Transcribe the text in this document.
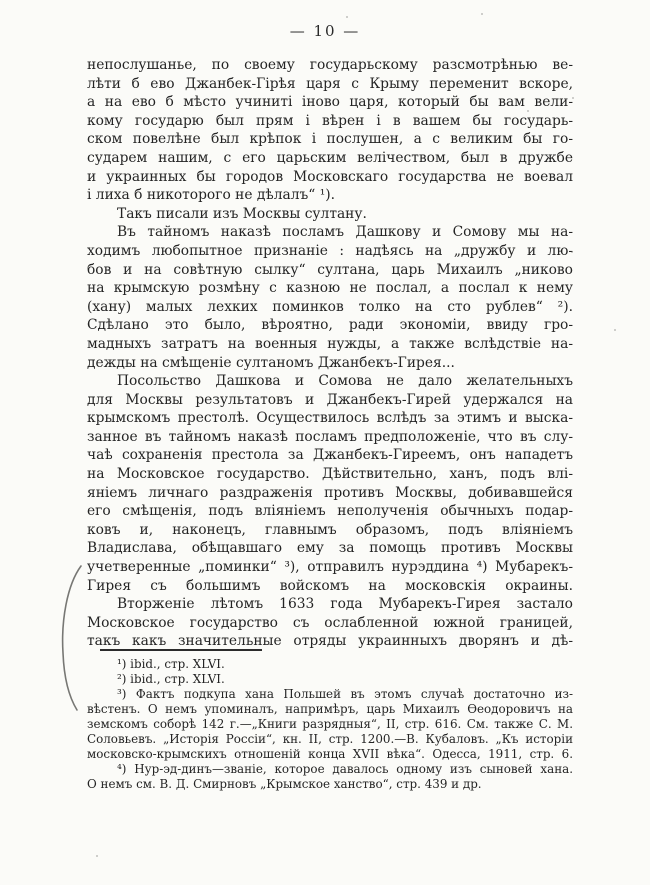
— 10 —
непослушанье, по своему государьскому разсмотрѣнью ве-
лѣти б ево Джанбек-Гірѣя царя с Крыму переменит вскоре,
а на ево б мѣсто учиниті іново царя, который бы вам вели-
кому государю был прям і вѣрен і в вашем бы государь-
ском повелѣне был крѣпок і послушен, а с великим бы го-
сударем нашим, с его царьским велічеством, был в дружбе
и украинных бы городов Московскаго государства не воевал
і лиха б никоторого не дѣлалъ“ ¹).
Такъ писали изъ Москвы султану.
Въ тайномъ наказѣ посламъ Дашкову и Сомову мы на-
ходимъ любопытное признаніе : надѣясь на „дружбу и лю-
бов и на совѣтную сылку“ султана, царь Михаилъ „никово
на крымскую розмѣну с казною не послал, а послал к нему
(хану) малых лехких поминков толко на сто рублев“ ²).
Сдѣлано это было, вѣроятно, ради экономіи, ввиду гро-
мадныхъ затратъ на военныя нужды, а также вслѣдствіе на-
дежды на смѣщеніе султаномъ Джанбекъ-Гирея...
Посольство Дашкова и Сомова не дало желательныхъ
для Москвы результатовъ и Джанбекъ-Гирей удержался на
крымскомъ престолѣ. Осуществилось вслѣдъ за этимъ и выска-
занное въ тайномъ наказѣ посламъ предположеніе, что въ слу-
чаѣ сохраненія престола за Джанбекъ-Гиреемъ, онъ нападетъ
на Московское государство. Дѣйствительно, ханъ, подъ влі-
яніемъ личнаго раздраженія противъ Москвы, добивавшейся
его смѣщенія, подъ вліяніемъ неполученія обычныхъ подар-
ковъ и, наконецъ, главнымъ образомъ, подъ вліяніемъ
Владислава, обѣщавшаго ему за помощь противъ Москвы
учетверенные „поминки“ ³), отправилъ нурэддина ⁴) Мубарекъ-
Гирея съ большимъ войскомъ на московскія окраины.
Вторженіе лѣтомъ 1633 года Мубарекъ-Гирея застало
Московское государство съ ослабленной южной границей,
такъ какъ значительные отряды украинныхъ дворянъ и дѣ-
¹) ibid., стр. XLVI.
²) ibid., стр. XLVI.
³) Фактъ подкупа хана Польшей въ этомъ случаѣ достаточно из-
вѣстенъ. О немъ упоминалъ, напримѣръ, царь Михаилъ Ѳеодоровичъ на
земскомъ соборѣ 142 г.—„Книги разрядныя“, II, стр. 616. См. также С. М.
Соловьевъ. „Исторія Россіи“, кн. II, стр. 1200.—В. Кубаловъ. „Къ исторіи
московско-крымскихъ отношеній конца XVII вѣка“. Одесса, 1911, стр. 6.
⁴) Нур-эд-динъ—званіе, которое давалось одному изъ сыновей хана.
О немъ см. В. Д. Смирновъ „Крымское ханство“, стр. 439 и др.
